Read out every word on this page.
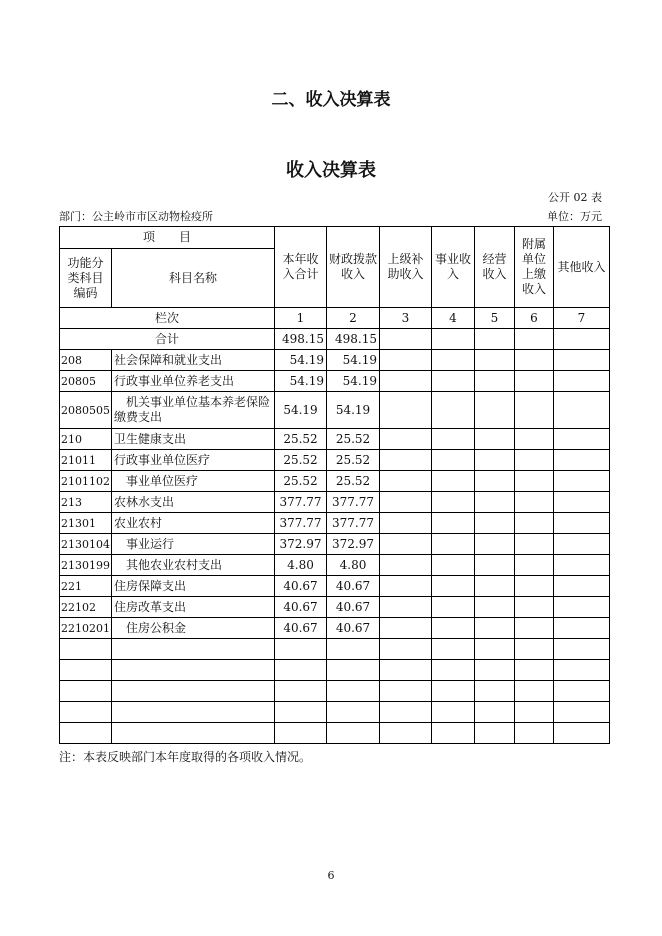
二、收入决算表
收入决算表
公开 02 表
部门：公主岭市市区动物检疫所	单位：万元
项　　目		本年收入合计	财政拨款收入	上级补助收入	事业收入	经营收入	附属单位上缴收入	其他收入
功能分类科目编码	科目名称							
栏次		1	2	3	4	5	6	7
合计		498.15	498.15					
208	社会保障和就业支出	54.19	54.19					
20805	行政事业单位养老支出	54.19	54.19					
2080505	　机关事业单位基本养老保险缴费支出	54.19	54.19					
210	卫生健康支出	25.52	25.52					
21011	行政事业单位医疗	25.52	25.52					
2101102	　事业单位医疗	25.52	25.52					
213	农林水支出	377.77	377.77					
21301	农业农村	377.77	377.77					
2130104	　事业运行	372.97	372.97					
2130199	　其他农业农村支出	4.80	4.80					
221	住房保障支出	40.67	40.67					
22102	住房改革支出	40.67	40.67					
2210201	　住房公积金	40.67	40.67					

注：本表反映部门本年度取得的各项收入情况。
6
